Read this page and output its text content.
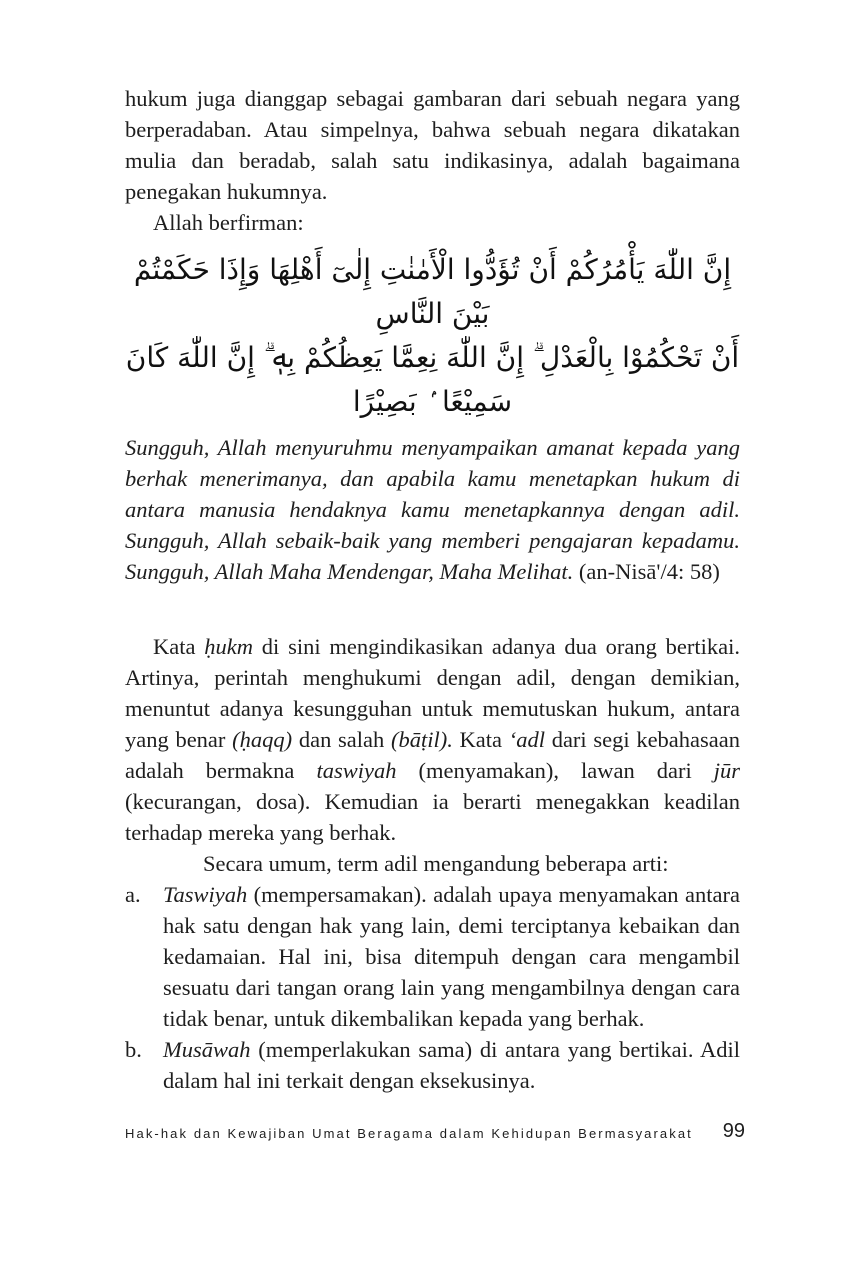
hukum juga dianggap sebagai gambaran dari sebuah negara yang berperadaban. Atau simpelnya, bahwa sebuah negara dikatakan mulia dan beradab, salah satu indikasinya, adalah bagaimana penegakan hukumnya.

Allah berfirman:

إِنَّ اللّٰهَ يَأْمُرُكُمْ أَنْ تُؤَدُّوا الْأَمٰنٰتِ إِلٰىٓ أَهْلِهَا وَإِذَا حَكَمْتُمْ بَيْنَ النَّاسِ
أَنْ تَحْكُمُوْا بِالْعَدْلِ ۗ إِنَّ اللّٰهَ نِعِمَّا يَعِظُكُمْ بِهٖ ۗ إِنَّ اللّٰهَ كَانَ سَمِيْعًا ۢ بَصِيْرًا

Sungguh, Allah menyuruhmu menyampaikan amanat kepada yang berhak menerimanya, dan apabila kamu menetapkan hukum di antara manusia hendaknya kamu menetapkannya dengan adil. Sungguh, Allah sebaik-baik yang memberi pengajaran kepadamu. Sungguh, Allah Maha Mendengar, Maha Melihat. (an-Nisā'/4: 58)

Kata ḥukm di sini mengindikasikan adanya dua orang bertikai. Artinya, perintah menghukumi dengan adil, dengan demikian, menuntut adanya kesungguhan untuk memutuskan hukum, antara yang benar (ḥaqq) dan salah (bāṭil). Kata ‘adl dari segi kebahasaan adalah bermakna taswiyah (menyamakan), lawan dari jūr (kecurangan, dosa). Kemudian ia berarti menegakkan keadilan terhadap mereka yang berhak.

Secara umum, term adil mengandung beberapa arti:

a. Taswiyah (mempersamakan). adalah upaya menyamakan antara hak satu dengan hak yang lain, demi terciptanya kebaikan dan kedamaian. Hal ini, bisa ditempuh dengan cara mengambil sesuatu dari tangan orang lain yang mengambilnya dengan cara tidak benar, untuk dikembalikan kepada yang berhak.
b. Musāwah (memperlakukan sama) di antara yang bertikai. Adil dalam hal ini terkait dengan eksekusinya.
Hak-hak dan Kewajiban Umat Beragama dalam Kehidupan Bermasyarakat 99
